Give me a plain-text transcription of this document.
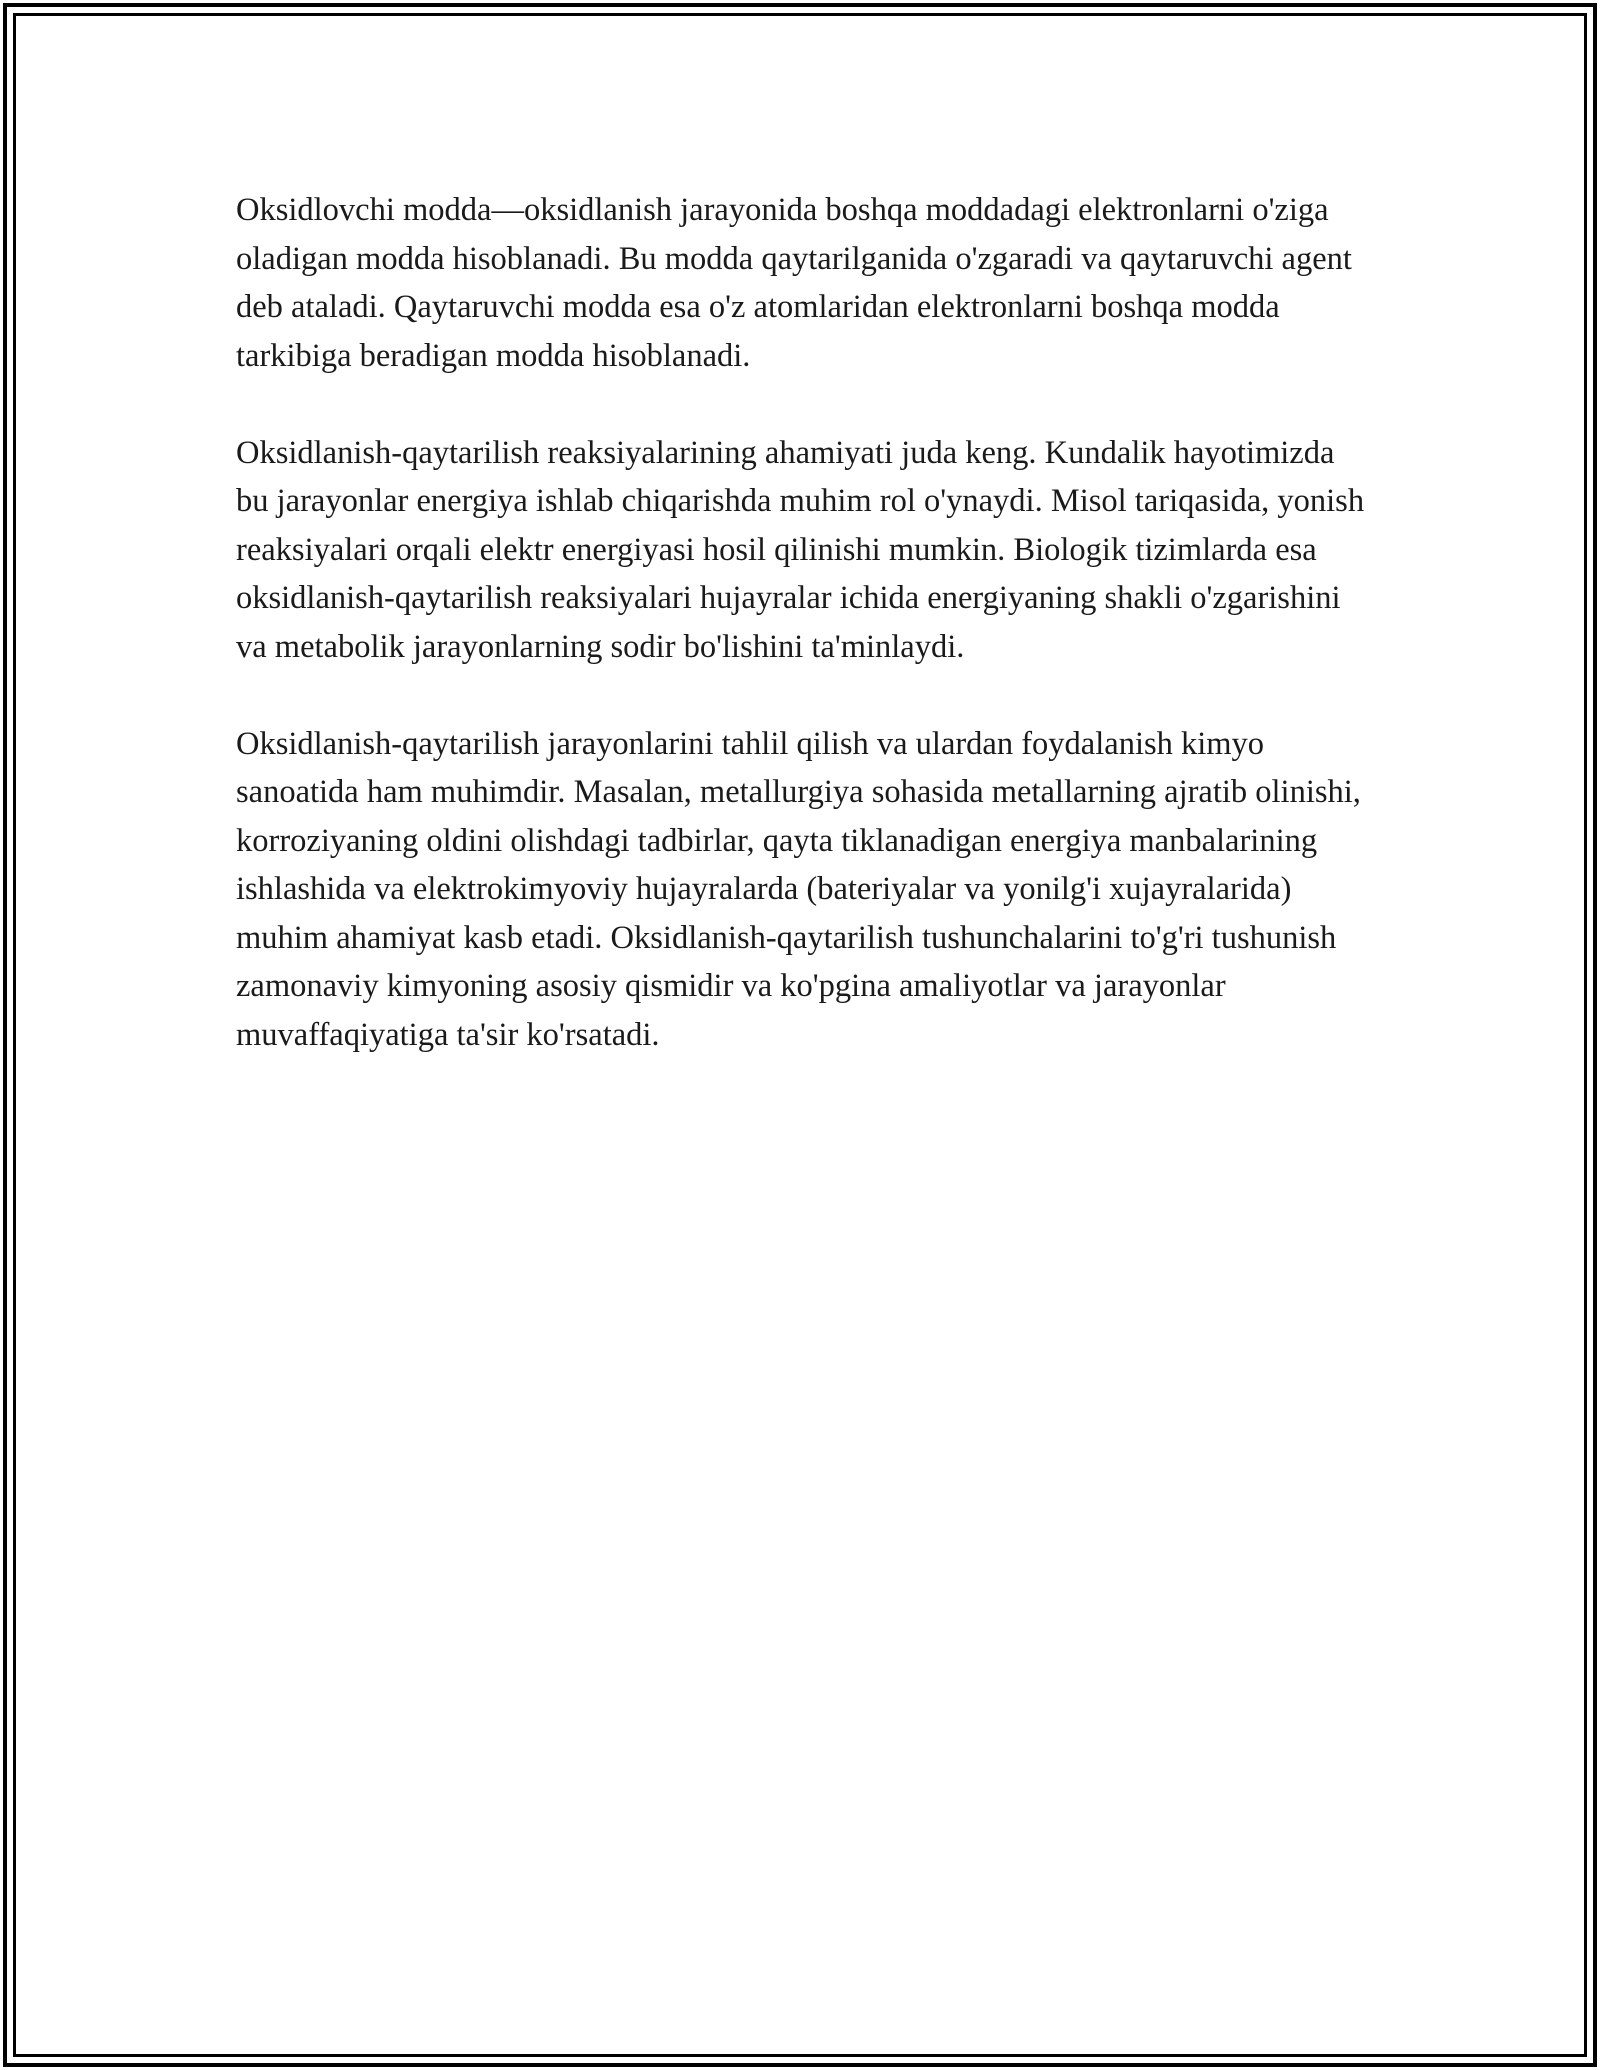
Oksidlovchi modda—oksidlanish jarayonida boshqa moddadagi elektronlarni o'ziga oladigan modda hisoblanadi. Bu modda qaytarilganida o'zgaradi va qaytaruvchi agent deb ataladi. Qaytaruvchi modda esa o'z atomlaridan elektronlarni boshqa modda tarkibiga beradigan modda hisoblanadi.

Oksidlanish-qaytarilish reaksiyalarining ahamiyati juda keng. Kundalik hayotimizda bu jarayonlar energiya ishlab chiqarishda muhim rol o'ynaydi. Misol tariqasida, yonish reaksiyalari orqali elektr energiyasi hosil qilinishi mumkin. Biologik tizimlarda esa oksidlanish-qaytarilish reaksiyalari hujayralar ichida energiyaning shakli o'zgarishini va metabolik jarayonlarning sodir bo'lishini ta'minlaydi.

Oksidlanish-qaytarilish jarayonlarini tahlil qilish va ulardan foydalanish kimyo sanoatida ham muhimdir. Masalan, metallurgiya sohasida metallarning ajratib olinishi, korroziyaning oldini olishdagi tadbirlar, qayta tiklanadigan energiya manbalarining ishlashida va elektrokimyoviy hujayralarda (bateriyalar va yonilg'i xujayralarida) muhim ahamiyat kasb etadi. Oksidlanish-qaytarilish tushunchalarini to'g'ri tushunish zamonaviy kimyoning asosiy qismidir va ko'pgina amaliyotlar va jarayonlar muvaffaqiyatiga ta'sir ko'rsatadi.
